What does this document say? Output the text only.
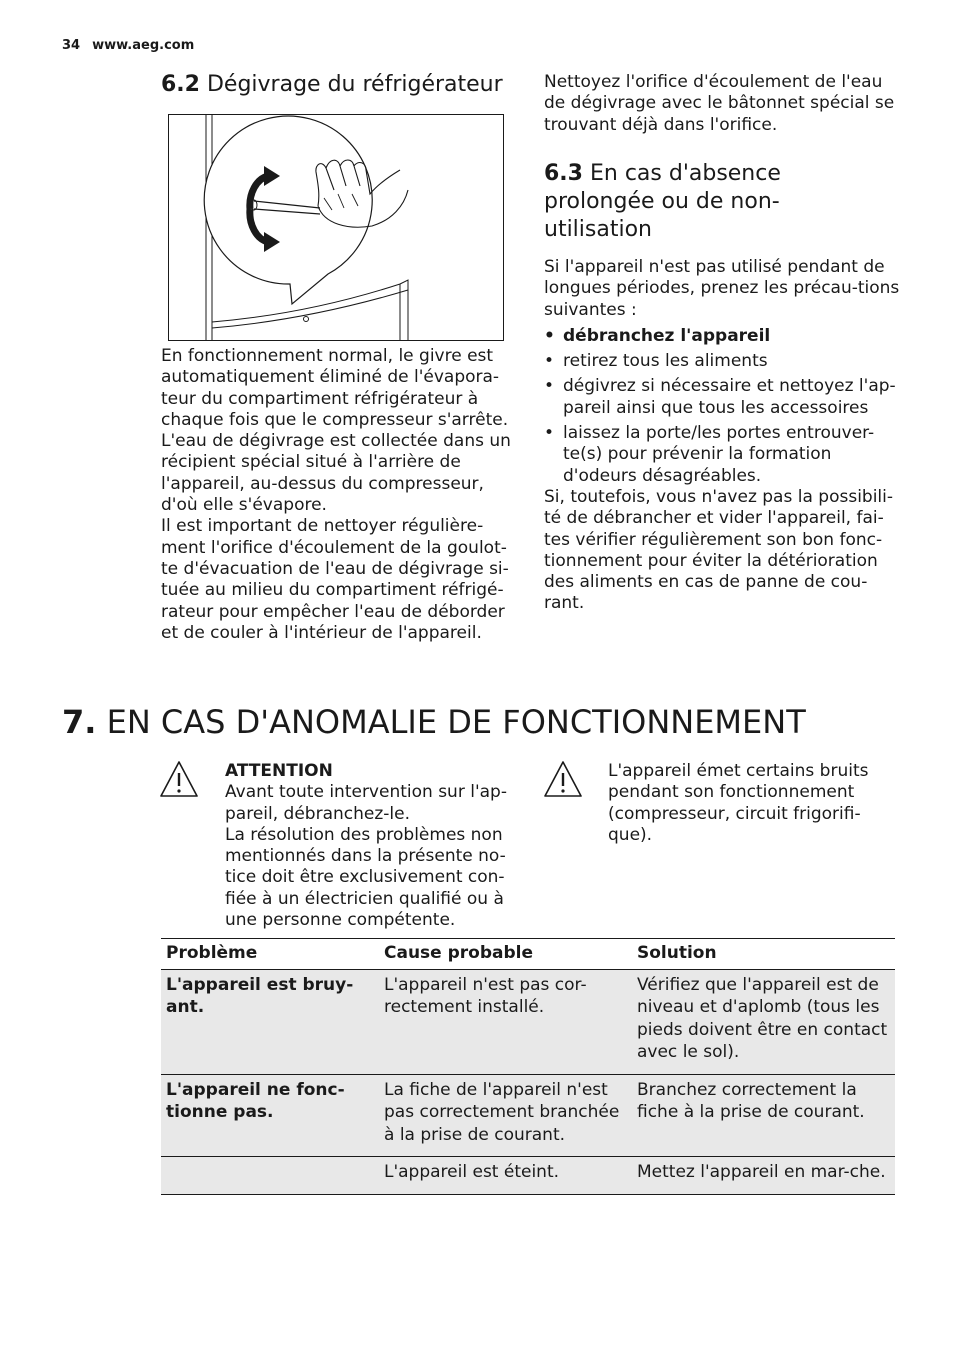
34 www.aeg.com
6.2 Dégivrage du réfrigérateur

En fonctionnement normal, le givre est automatiquement éliminé de l'évapora-teur du compartiment réfrigérateur à chaque fois que le compresseur s'arrête. L'eau de dégivrage est collectée dans un récipient spécial situé à l'arrière de l'appareil, au-dessus du compresseur, d'où elle s'évapore.

Il est important de nettoyer régulière-ment l'orifice d'écoulement de la goulot-te d'évacuation de l'eau de dégivrage si-tuée au milieu du compartiment réfrigé-rateur pour empêcher l'eau de déborder et de couler à l'intérieur de l'appareil.

Nettoyez l'orifice d'écoulement de l'eau de dégivrage avec le bâtonnet spécial se trouvant déjà dans l'orifice.

6.3 En cas d'absence prolongée ou de non-utilisation

Si l'appareil n'est pas utilisé pendant de longues périodes, prenez les précau-tions suivantes :

• débranchez l'appareil
• retirez tous les aliments
• dégivrez si nécessaire et nettoyez l'ap-pareil ainsi que tous les accessoires
• laissez la porte/les portes entrouver-te(s) pour prévenir la formation d'odeurs désagréables.

Si, toutefois, vous n'avez pas la possibili-té de débrancher et vider l'appareil, fai-tes vérifier régulièrement son bon fonc-tionnement pour éviter la détérioration des aliments en cas de panne de cou-rant.

7. EN CAS D'ANOMALIE DE FONCTIONNEMENT

ATTENTION

Avant toute intervention sur l'ap-pareil, débranchez-le.

La résolution des problèmes non mentionnés dans la présente no-tice doit être exclusivement con-fiée à un électricien qualifié ou à une personne compétente.

L'appareil émet certains bruits pendant son fonctionnement (compresseur, circuit frigorifi-que).

Problème	Cause probable	Solution
L'appareil est bruy-ant.	L'appareil n'est pas cor-rectement installé.	Vérifiez que l'appareil est de niveau et d'aplomb (tous les pieds doivent être en contact avec le sol).
L'appareil ne fonc-tionne pas.	La fiche de l'appareil n'est pas correctement branchée à la prise de courant.	Branchez correctement la fiche à la prise de courant.
	L'appareil est éteint.	Mettez l'appareil en mar-che.
